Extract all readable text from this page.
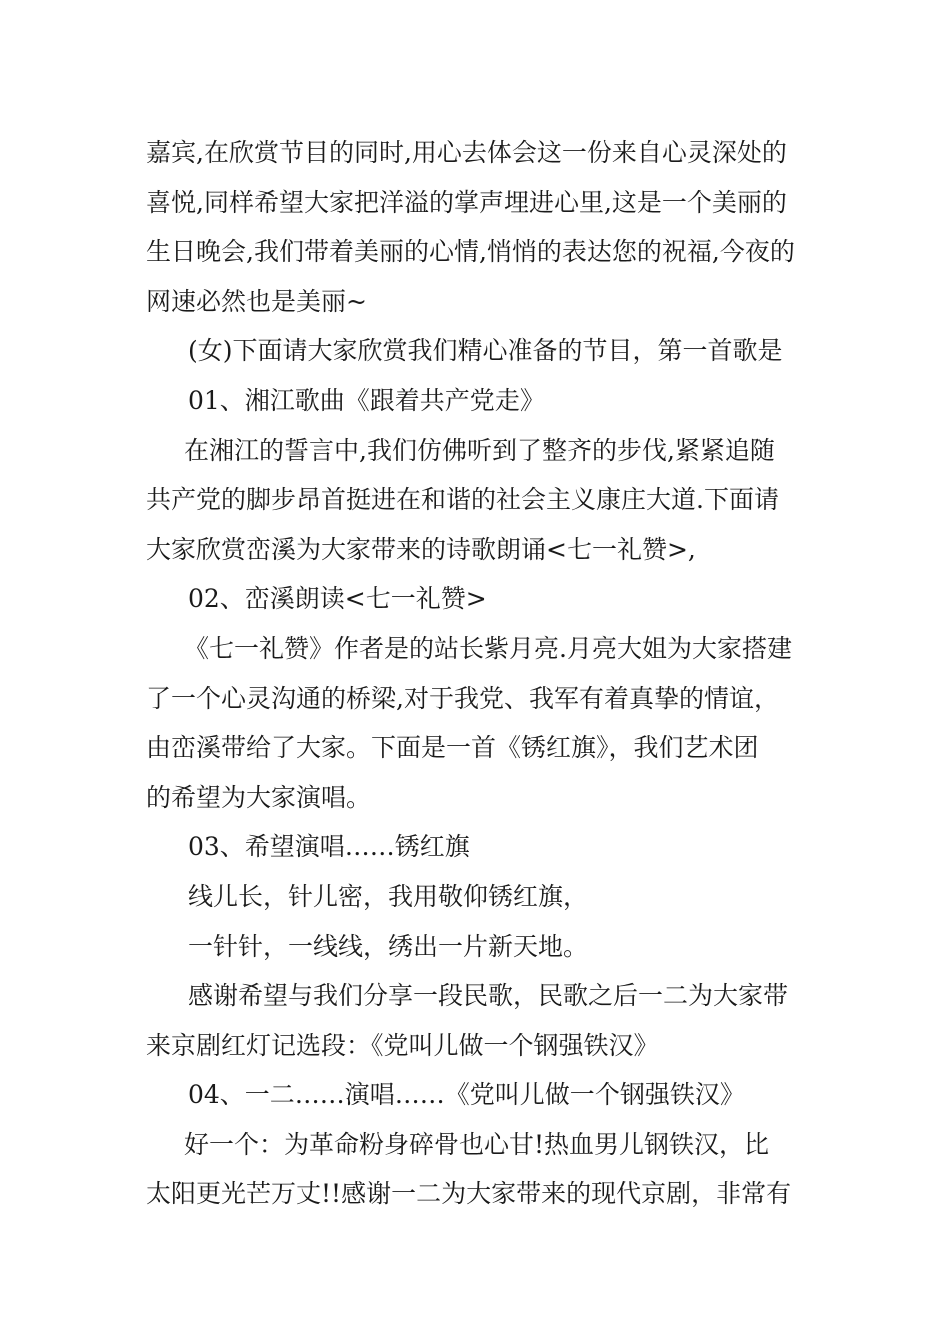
嘉宾,在欣赏节目的同时,用心去体会这一份来自心灵深处的
喜悦,同样希望大家把洋溢的掌声埋进心里,这是一个美丽的
生日晚会,我们带着美丽的心情,悄悄的表达您的祝福,今夜的
网速必然也是美丽~
(女)下面请大家欣赏我们精心准备的节目，第一首歌是
01、湘江歌曲《跟着共产党走》
在湘江的誓言中,我们仿佛听到了整齐的步伐,紧紧追随
共产党的脚步昂首挺进在和谐的社会主义康庄大道.下面请
大家欣赏峦溪为大家带来的诗歌朗诵<七一礼赞>,
02、峦溪朗读<七一礼赞>
《七一礼赞》作者是的站长紫月亮.月亮大姐为大家搭建
了一个心灵沟通的桥梁,对于我党、我军有着真挚的情谊，
由峦溪带给了大家。下面是一首《锈红旗》，我们艺术团
的希望为大家演唱。
03、希望演唱……锈红旗
线儿长，针儿密，我用敬仰锈红旗，
一针针，一线线，绣出一片新天地。
感谢希望与我们分享一段民歌，民歌之后一二为大家带
来京剧红灯记选段：《党叫儿做一个钢强铁汉》
04、一二……演唱……《党叫儿做一个钢强铁汉》
好一个：为革命粉身碎骨也心甘!热血男儿钢铁汉，比
太阳更光芒万丈!!感谢一二为大家带来的现代京剧，非常有
